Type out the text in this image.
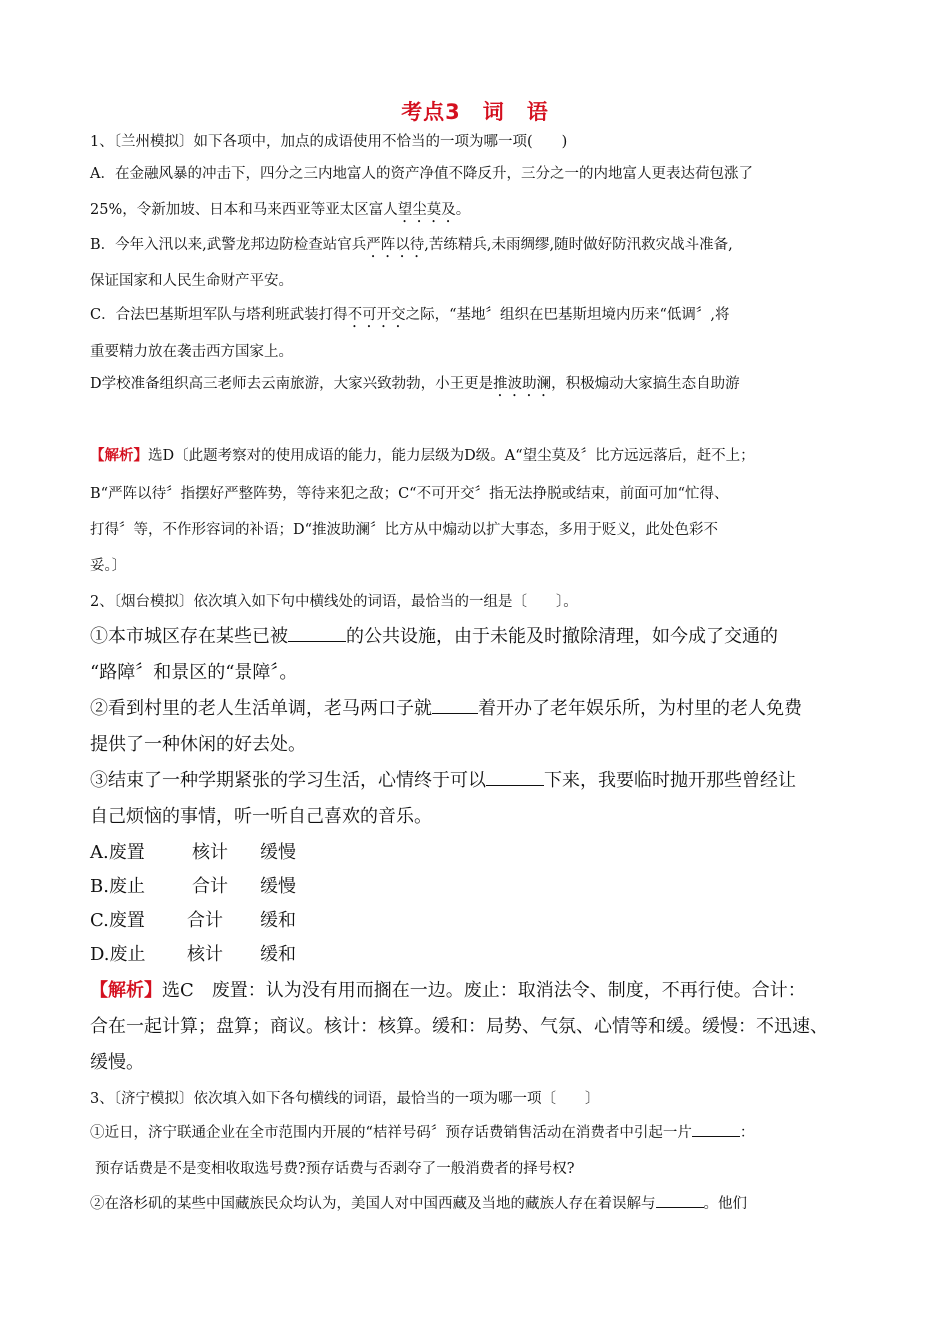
考点3　词　语
1、〔兰州模拟〕如下各项中，加点的成语使用不恰当的一项为哪一项(　　)
A．在金融风暴的冲击下，四分之三内地富人的资产净值不降反升，三分之一的内地富人更表达荷包涨了
25%，令新加坡、日本和马来西亚等亚太区富人望尘莫及。
B．今年入汛以来,武警龙邦边防检查站官兵严阵以待,苦练精兵,未雨绸缪,随时做好防汛救灾战斗准备,
保证国家和人民生命财产平安。
C．合法巴基斯坦军队与塔利班武装打得不可开交之际，“基地〞组织在巴基斯坦境内历来“低调〞,将
重要精力放在袭击西方国家上。
D学校准备组织高三老师去云南旅游，大家兴致勃勃，小王更是推波助澜，积极煽动大家搞生态自助游
【解析】选D〔此题考察对的使用成语的能力，能力层级为D级。A“望尘莫及〞比方远远落后，赶不上；
B“严阵以待〞指摆好严整阵势，等待来犯之敌；C“不可开交〞指无法挣脱或结束，前面可加“忙得、
打得〞等，不作形容词的补语；D“推波助澜〞比方从中煽动以扩大事态，多用于贬义，此处色彩不
妥。〕
2、〔烟台模拟〕依次填入如下句中横线处的词语，最恰当的一组是〔　　〕。
①本市城区存在某些已被	的公共设施，由于未能及时撤除清理，如今成了交通的
“路障〞和景区的“景障〞。
②看到村里的老人生活单调，老马两口子就	着开办了老年娱乐所，为村里的老人免费
提供了一种休闲的好去处。
③结束了一种学期紧张的学习生活，心情终于可以	下来，我要临时抛开那些曾经让
自己烦恼的事情，听一听自己喜欢的音乐。
A.废置	核计 缓慢
B.废止	合计 缓慢
C.废置 合计 缓和
D.废止 核计 缓和
【解析】选C　废置：认为没有用而搁在一边。废止：取消法令、制度，不再行使。合计：
合在一起计算；盘算；商议。核计：核算。缓和：局势、气氛、心情等和缓。缓慢：不迅速、
缓慢。
3、〔济宁模拟〕依次填入如下各句横线的词语，最恰当的一项为哪一项〔　　〕
①近日，济宁联通企业在全市范围内开展的“桔祥号码〞预存话费销售活动在消费者中引起一片	：
预存话费是不是变相收取选号费?预存话费与否剥夺了一般消费者的择号权?
②在洛杉矶的某些中国藏族民众均认为，美国人对中国西藏及当地的藏族人存在着误解与	。他们
